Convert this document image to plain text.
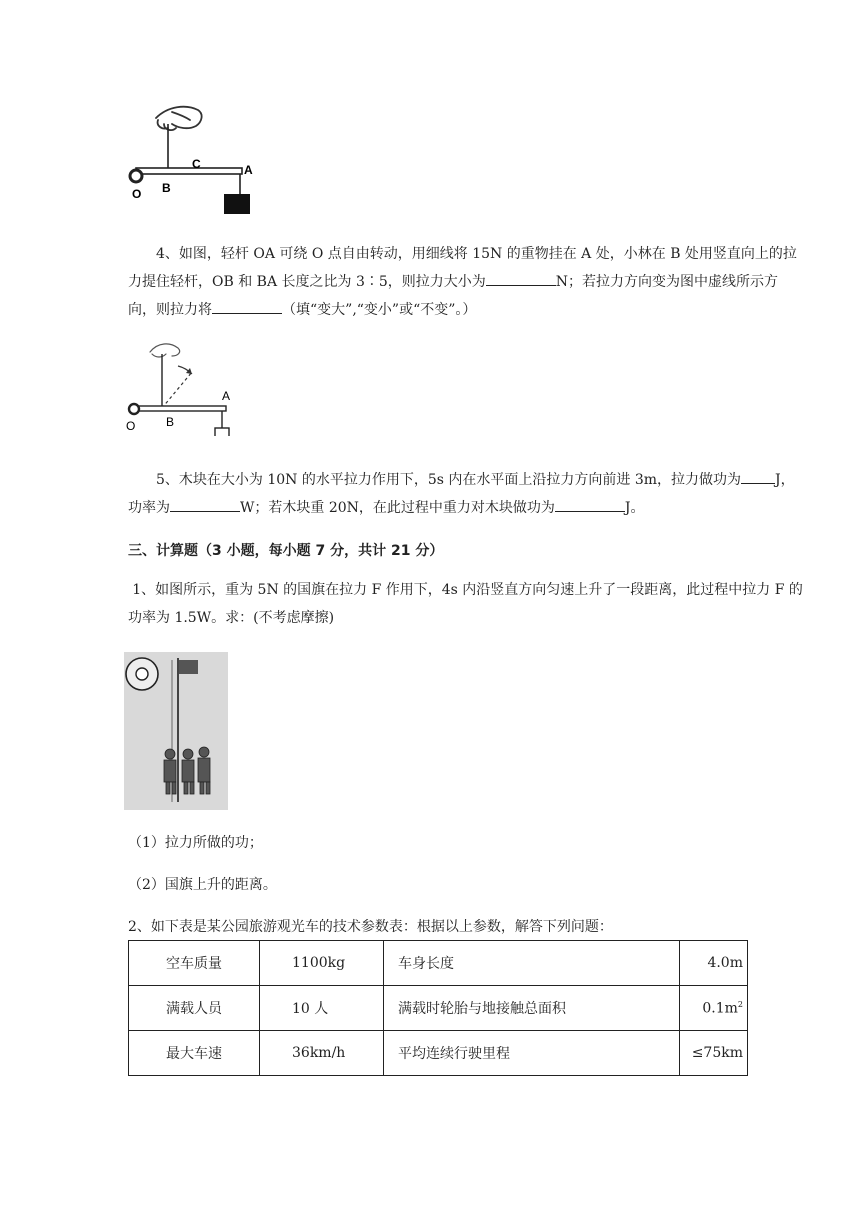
O B
C	A

4、如图，轻杆 OA 可绕 O 点自由转动，用细线将 15N 的重物挂在 A 处，小林在 B 处用竖直向上的拉力提住轻杆，OB 和 BA 长度之比为 3∶5，则拉力大小为	N；若拉力方向变为图中虚线所示方向，则拉力将	（填“变大”,“变小”或“不变”。）

O	B
A

5、木块在大小为 10N 的水平拉力作用下，5s 内在水平面上沿拉力方向前进 3m，拉力做功为 J，功率为	W；若木块重 20N，在此过程中重力对木块做功为	J。

三、计算题（3 小题，每小题 7 分，共计 21 分）

1、如图所示，重为 5N 的国旗在拉力 F 作用下，4s 内沿竖直方向匀速上升了一段距离，此过程中拉力 F 的功率为 1.5W。求：(不考虑摩擦)

（1）拉力所做的功；
（2）国旗上升的距离。
2、如下表是某公园旅游观光车的技术参数表：根据以上参数，解答下列问题：
空车质量	1100kg	车身长度	4.0m
满载人员	10 人	满载时轮胎与地接触总面积	$0.1m^2$
最大车速	36km/h	平均连续行驶里程	≤75km
